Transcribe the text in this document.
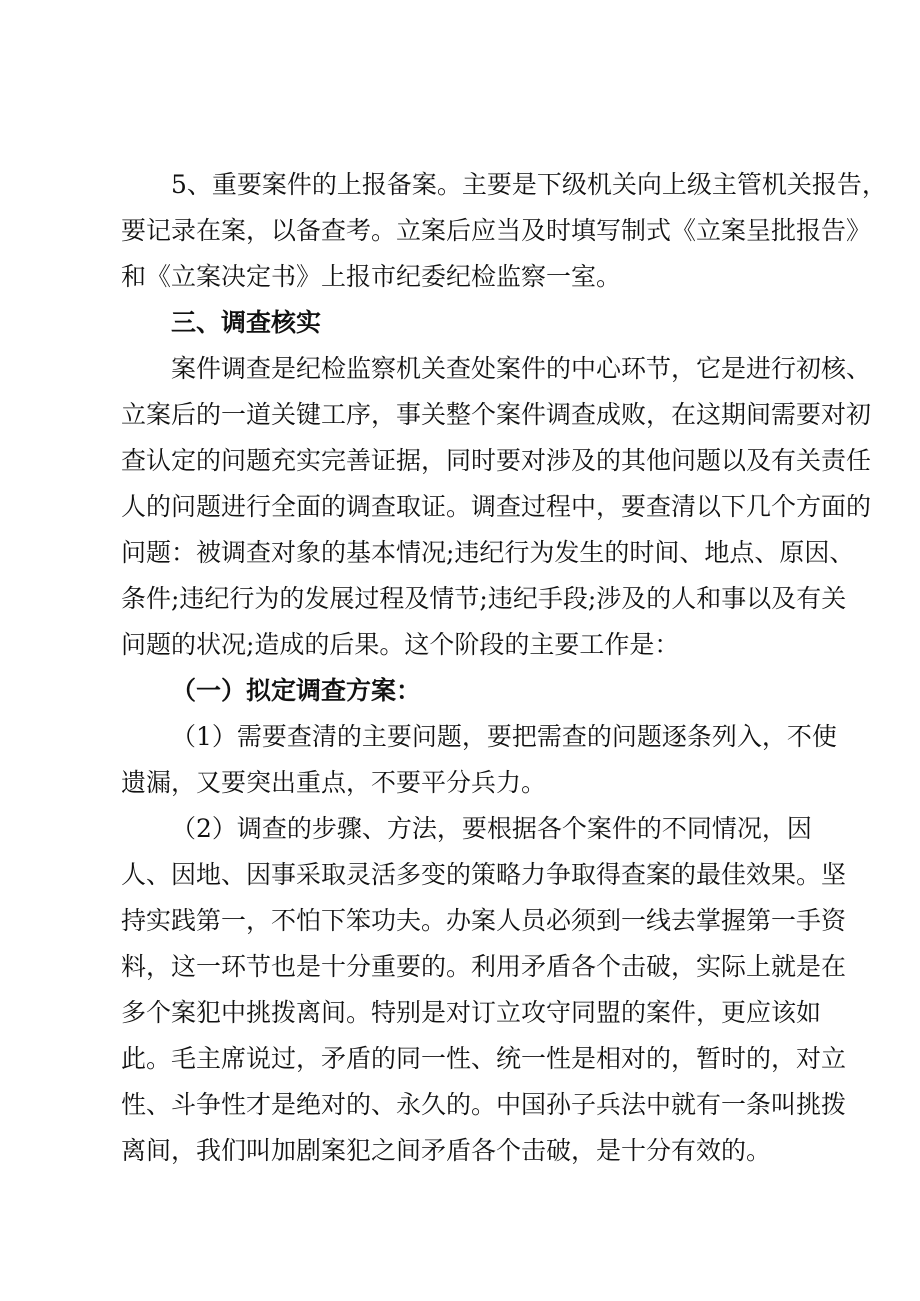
5、重要案件的上报备案。主要是下级机关向上级主管机关报告，
要记录在案，以备查考。立案后应当及时填写制式《立案呈批报告》
和《立案决定书》上报市纪委纪检监察一室。
三、调查核实
案件调查是纪检监察机关查处案件的中心环节，它是进行初核、
立案后的一道关键工序，事关整个案件调查成败，在这期间需要对初
查认定的问题充实完善证据，同时要对涉及的其他问题以及有关责任
人的问题进行全面的调查取证。调查过程中，要查清以下几个方面的
问题：被调查对象的基本情况;违纪行为发生的时间、地点、原因、
条件;违纪行为的发展过程及情节;违纪手段;涉及的人和事以及有关
问题的状况;造成的后果。这个阶段的主要工作是：
（一）拟定调查方案：
（1）需要查清的主要问题，要把需查的问题逐条列入，不使
遗漏，又要突出重点，不要平分兵力。
（2）调查的步骤、方法，要根据各个案件的不同情况，因
人、因地、因事采取灵活多变的策略力争取得查案的最佳效果。坚
持实践第一，不怕下笨功夫。办案人员必须到一线去掌握第一手资
料，这一环节也是十分重要的。利用矛盾各个击破，实际上就是在
多个案犯中挑拨离间。特别是对订立攻守同盟的案件，更应该如
此。毛主席说过，矛盾的同一性、统一性是相对的，暂时的，对立
性、斗争性才是绝对的、永久的。中国孙子兵法中就有一条叫挑拨
离间，我们叫加剧案犯之间矛盾各个击破，是十分有效的。
